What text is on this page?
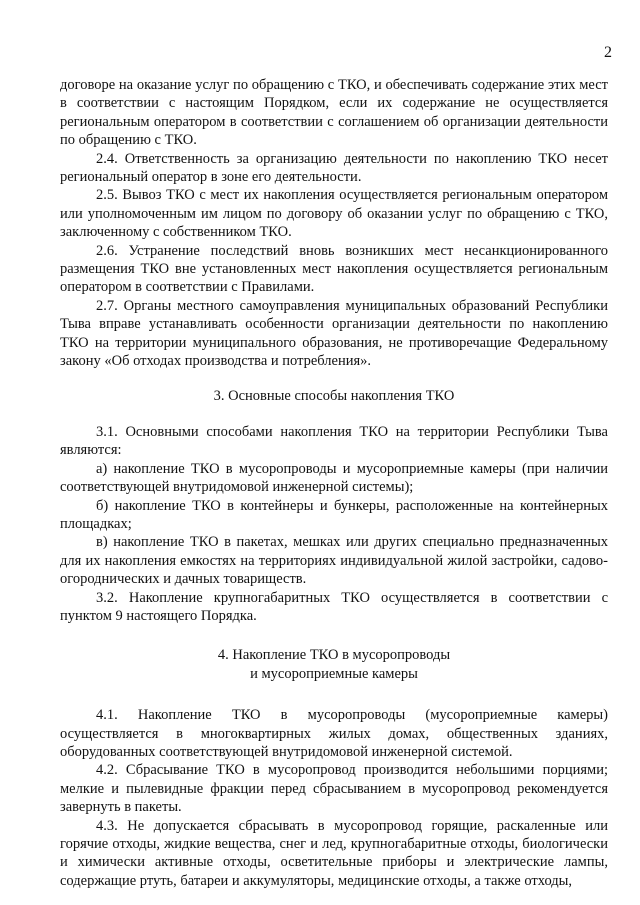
2

договоре на оказание услуг по обращению с ТКО, и обеспечивать содержание этих мест в соответствии с настоящим Порядком, если их содержание не осуществляется региональным оператором в соответствии с соглашением об организации деятельности по обращению с ТКО.

2.4. Ответственность за организацию деятельности по накоплению ТКО несет региональный оператор в зоне его деятельности.

2.5. Вывоз ТКО с мест их накопления осуществляется региональным оператором или уполномоченным им лицом по договору об оказании услуг по обращению с ТКО, заключенному с собственником ТКО.

2.6. Устранение последствий вновь возникших мест несанкционированного размещения ТКО вне установленных мест накопления осуществляется региональным оператором в соответствии с Правилами.

2.7. Органы местного самоуправления муниципальных образований Республики Тыва вправе устанавливать особенности организации деятельности по накоплению ТКО на территории муниципального образования, не противоречащие Федеральному закону «Об отходах производства и потребления».

3. Основные способы накопления ТКО

3.1. Основными способами накопления ТКО на территории Республики Тыва являются:

а) накопление ТКО в мусоропроводы и мусороприемные камеры (при наличии соответствующей внутридомовой инженерной системы);

б) накопление ТКО в контейнеры и бункеры, расположенные на контейнерных площадках;

в) накопление ТКО в пакетах, мешках или других специально предназначенных для их накопления емкостях на территориях индивидуальной жилой застройки, садово-огороднических и дачных товариществ.

3.2. Накопление крупногабаритных ТКО осуществляется в соответствии с пунктом 9 настоящего Порядка.

4. Накопление ТКО в мусоропроводы
и мусороприемные камеры

4.1. Накопление ТКО в мусоропроводы (мусороприемные камеры) осуществляется в многоквартирных жилых домах, общественных зданиях, оборудованных соответствующей внутридомовой инженерной системой.

4.2. Сбрасывание ТКО в мусоропровод производится небольшими порциями; мелкие и пылевидные фракции перед сбрасыванием в мусоропровод рекомендуется завернуть в пакеты.

4.3. Не допускается сбрасывать в мусоропровод горящие, раскаленные или горячие отходы, жидкие вещества, снег и лед, крупногабаритные отходы, биологически и химически активные отходы, осветительные приборы и электрические лампы, содержащие ртуть, батареи и аккумуляторы, медицинские отходы, а также отходы,
